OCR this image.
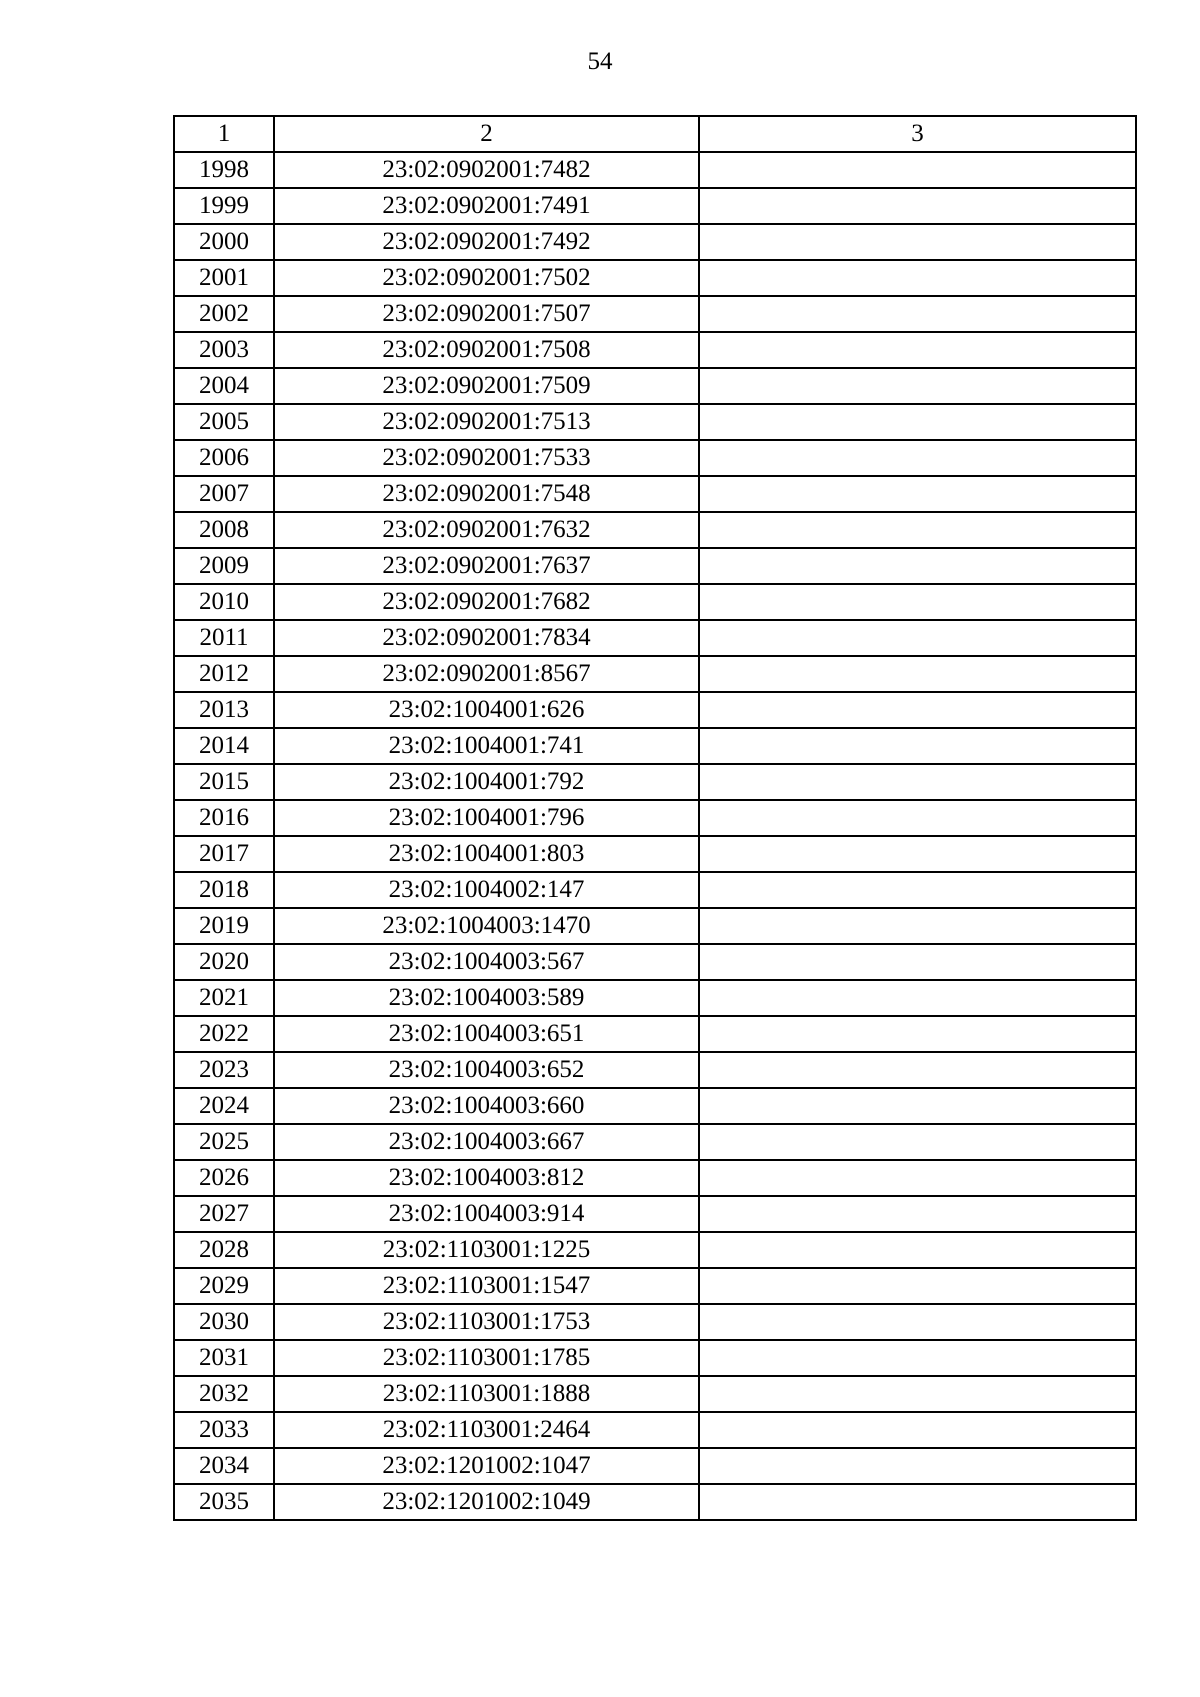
54
1	2	3
1998	23:02:0902001:7482	
1999	23:02:0902001:7491	
2000	23:02:0902001:7492	
2001	23:02:0902001:7502	
2002	23:02:0902001:7507	
2003	23:02:0902001:7508	
2004	23:02:0902001:7509	
2005	23:02:0902001:7513	
2006	23:02:0902001:7533	
2007	23:02:0902001:7548	
2008	23:02:0902001:7632	
2009	23:02:0902001:7637	
2010	23:02:0902001:7682	
2011	23:02:0902001:7834	
2012	23:02:0902001:8567	
2013	23:02:1004001:626	
2014	23:02:1004001:741	
2015	23:02:1004001:792	
2016	23:02:1004001:796	
2017	23:02:1004001:803	
2018	23:02:1004002:147	
2019	23:02:1004003:1470	
2020	23:02:1004003:567	
2021	23:02:1004003:589	
2022	23:02:1004003:651	
2023	23:02:1004003:652	
2024	23:02:1004003:660	
2025	23:02:1004003:667	
2026	23:02:1004003:812	
2027	23:02:1004003:914	
2028	23:02:1103001:1225	
2029	23:02:1103001:1547	
2030	23:02:1103001:1753	
2031	23:02:1103001:1785	
2032	23:02:1103001:1888	
2033	23:02:1103001:2464	
2034	23:02:1201002:1047	
2035	23:02:1201002:1049	
